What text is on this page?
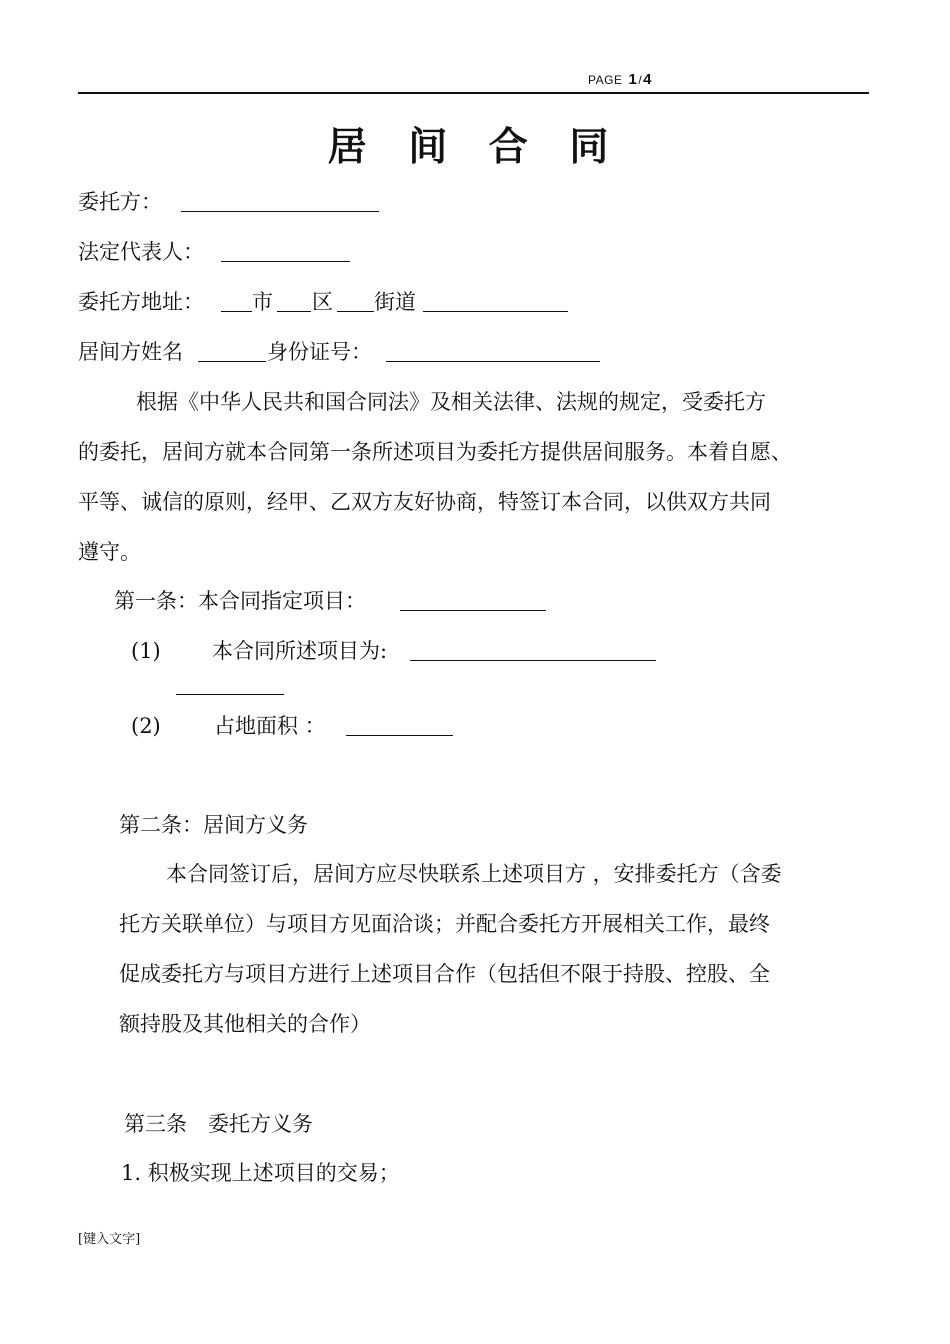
PAGE 1/4
居 间 合 同
委托方：
法定代表人：
委托方地址： 市 区 街道
居间方姓名	身份证号：
根据《中华人民共和国合同法》及相关法律、法规的规定，受委托方
的委托，居间方就本合同第一条所述项目为委托方提供居间服务。本着自愿、
平等、诚信的原则，经甲、乙双方友好协商，特签订本合同，以供双方共同
遵守。
第一条：本合同指定项目：
(1) 本合同所述项目为:
(2)	占地面积 ：
第二条：居间方义务
本合同签订后，居间方应尽快联系上述项目方 ，安排委托方（含委
托方关联单位）与项目方见面洽谈；并配合委托方开展相关工作，最终
促成委托方与项目方进行上述项目合作（包括但不限于持股、控股、全
额持股及其他相关的合作）
第三条　委托方义务
1. 积极实现上述项目的交易；
[键入文字]
